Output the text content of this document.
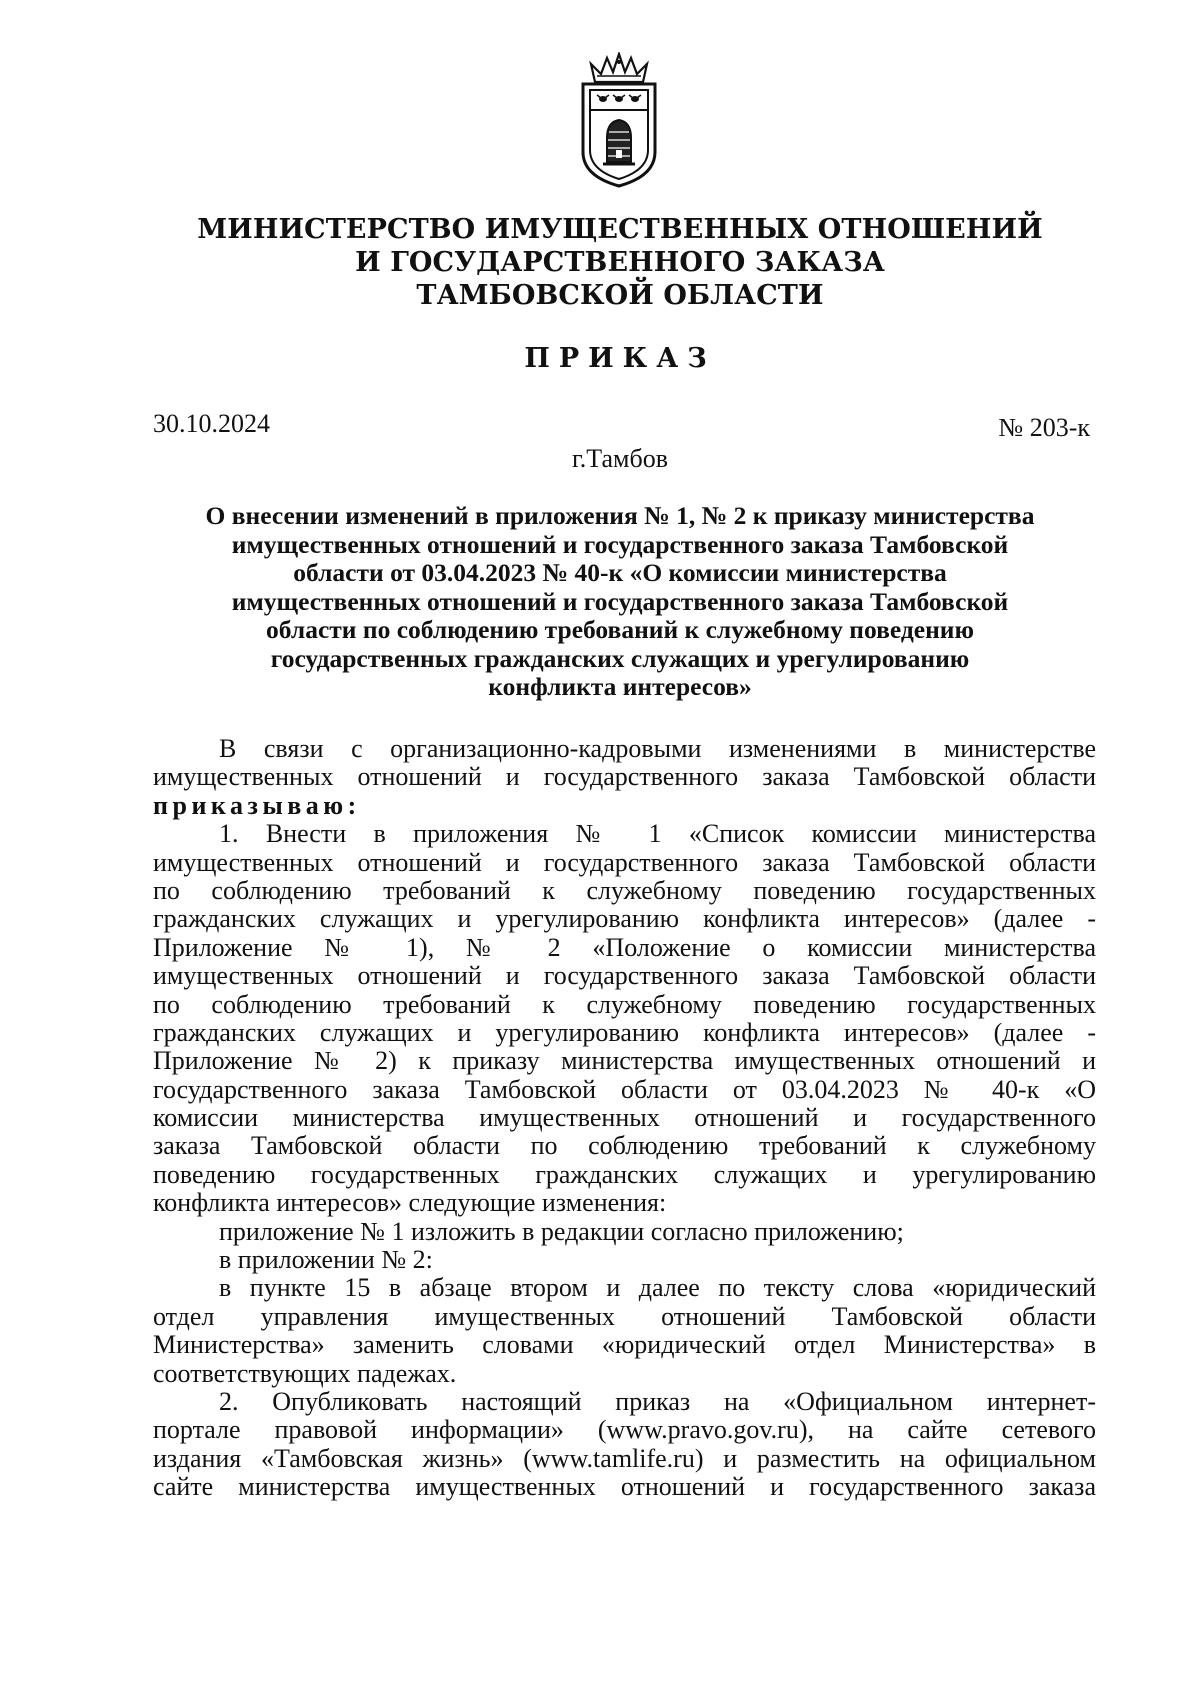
МИНИСТЕРСТВО ИМУЩЕСТВЕННЫХ ОТНОШЕНИЙ
И ГОСУДАРСТВЕННОГО ЗАКАЗА
ТАМБОВСКОЙ ОБЛАСТИ
ПРИКАЗ
30.10.2024	№ 203-к
г.Тамбов
О внесении изменений в приложения № 1, № 2 к приказу министерства
имущественных отношений и государственного заказа Тамбовской
области от 03.04.2023 № 40-к «О комиссии министерства
имущественных отношений и государственного заказа Тамбовской
области по соблюдению требований к служебному поведению
государственных гражданских служащих и урегулированию
конфликта интересов»
В связи с организационно-кадровыми изменениями в министерстве
имущественных отношений и государственного заказа Тамбовской области
приказываю:
1. Внести в приложения № 1 «Список комиссии министерства
имущественных отношений и государственного заказа Тамбовской области
по соблюдению требований к служебному поведению государственных
гражданских служащих и урегулированию конфликта интересов» (далее -
Приложение № 1), № 2 «Положение о комиссии министерства
имущественных отношений и государственного заказа Тамбовской области
по соблюдению требований к служебному поведению государственных
гражданских служащих и урегулированию конфликта интересов» (далее -
Приложение № 2) к приказу министерства имущественных отношений и
государственного заказа Тамбовской области от 03.04.2023 № 40-к «О
комиссии министерства имущественных отношений и государственного
заказа Тамбовской области по соблюдению требований к служебному
поведению государственных гражданских служащих и урегулированию
конфликта интересов» следующие изменения:
приложение № 1 изложить в редакции согласно приложению;
в приложении № 2:
в пункте 15 в абзаце втором и далее по тексту слова «юридический
отдел управления имущественных отношений Тамбовской области
Министерства» заменить словами «юридический отдел Министерства» в
соответствующих падежах.
2. Опубликовать настоящий приказ на «Официальном интернет-
портале правовой информации» (www.pravo.gov.ru), на сайте сетевого
издания «Тамбовская жизнь» (www.tamlife.ru) и разместить на официальном
сайте министерства имущественных отношений и государственного заказа
